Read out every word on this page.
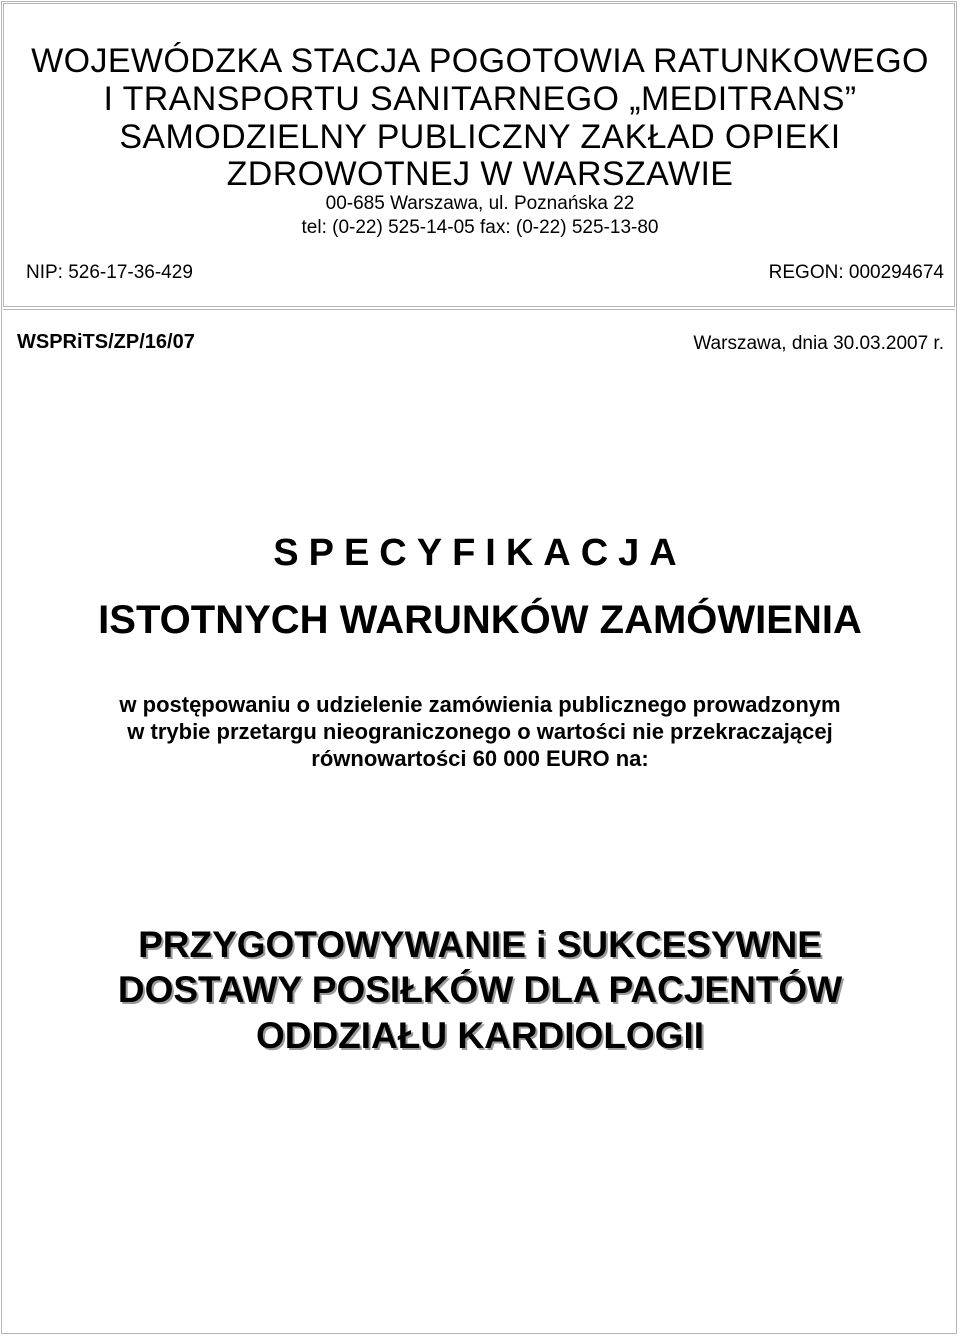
WOJEWÓDZKA STACJA POGOTOWIA RATUNKOWEGO
I TRANSPORTU SANITARNEGO „MEDITRANS”
SAMODZIELNY PUBLICZNY ZAKŁAD OPIEKI
ZDROWOTNEJ W WARSZAWIE
00-685 Warszawa, ul. Poznańska 22
tel: (0-22) 525-14-05 fax: (0-22) 525-13-80
NIP: 526-17-36-429	REGON: 000294674
WSPRiTS/ZP/16/07	Warszawa, dnia 30.03.2007 r.
SPECYFIKACJA
ISTOTNYCH WARUNKÓW ZAMÓWIENIA
w postępowaniu o udzielenie zamówienia publicznego prowadzonym
w trybie przetargu nieograniczonego o wartości nie przekraczającej
równowartości 60 000 EURO na:
PRZYGOTOWYWANIE i SUKCESYWNE
DOSTAWY POSIŁKÓW DLA PACJENTÓW
ODDZIAŁU KARDIOLOGII
